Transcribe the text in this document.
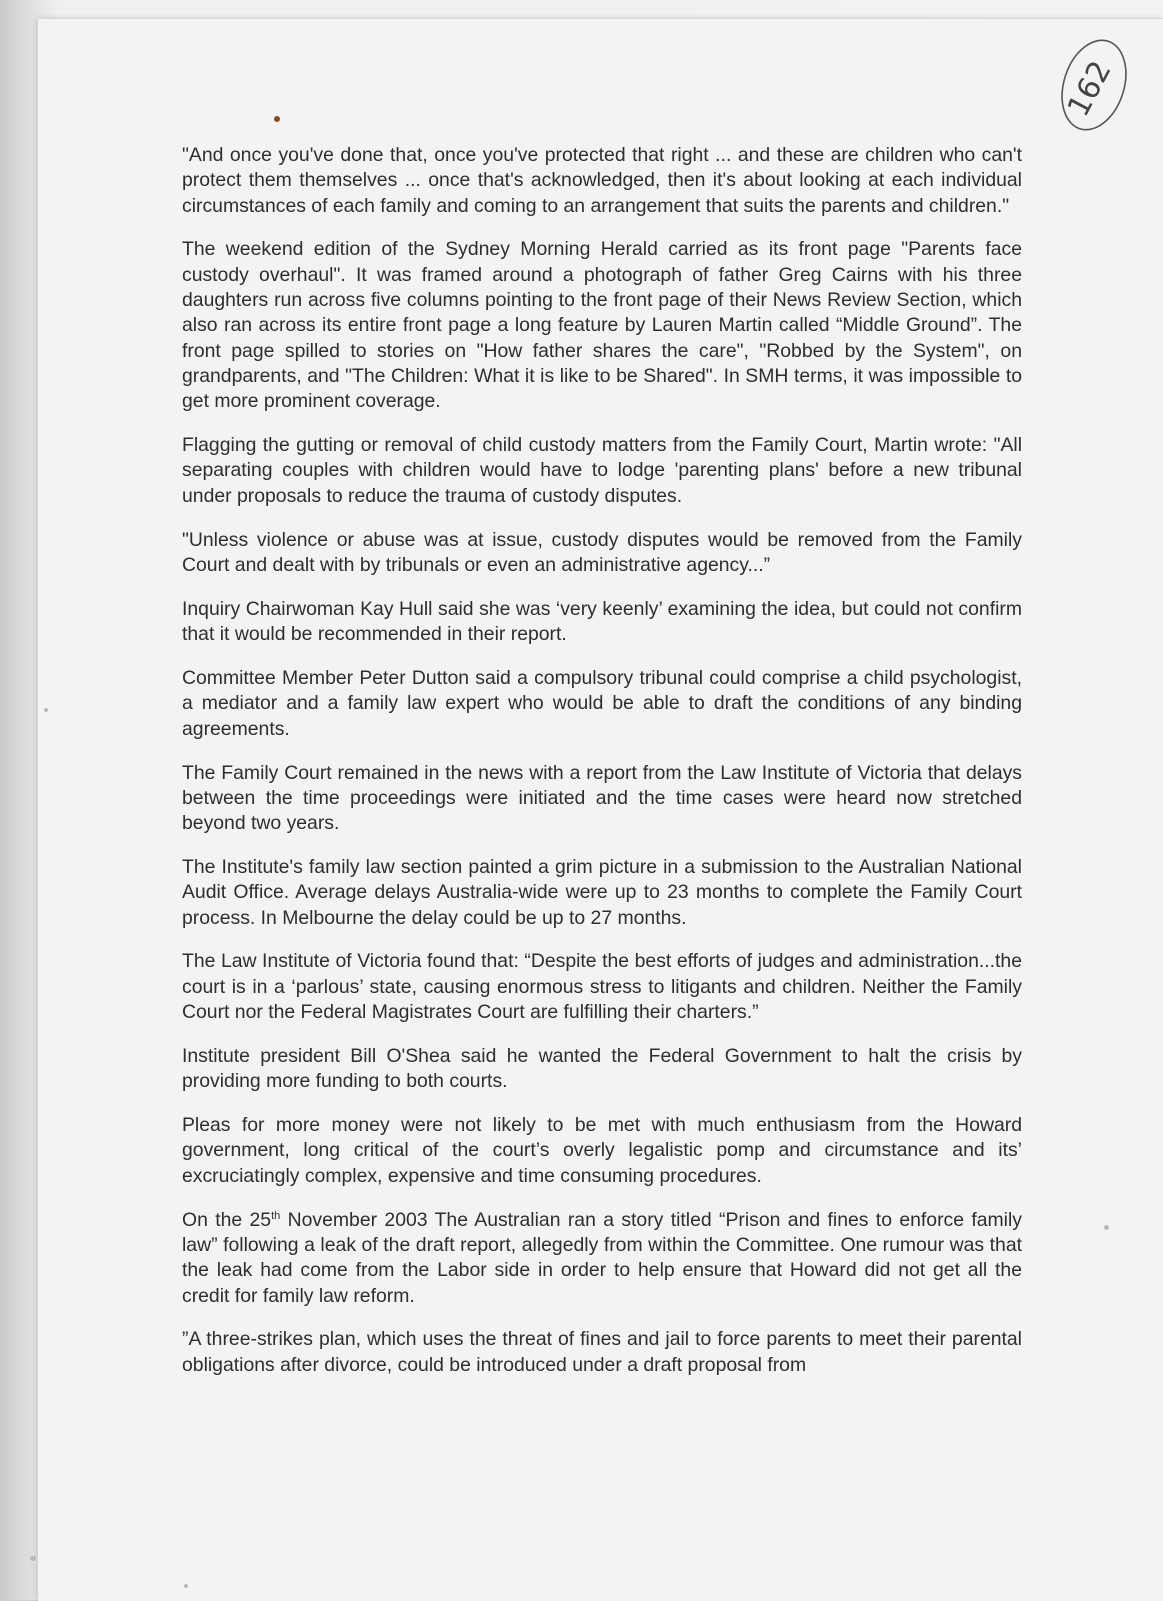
162

"And once you've done that, once you've protected that right ... and these are children who can't protect them themselves ... once that's acknowledged, then it's about looking at each individual circumstances of each family and coming to an arrangement that suits the parents and children."

The weekend edition of the Sydney Morning Herald carried as its front page "Parents face custody overhaul". It was framed around a photograph of father Greg Cairns with his three daughters run across five columns pointing to the front page of their News Review Section, which also ran across its entire front page a long feature by Lauren Martin called “Middle Ground”. The front page spilled to stories on "How father shares the care", "Robbed by the System", on grandparents, and "The Children: What it is like to be Shared". In SMH terms, it was impossible to get more prominent coverage.

Flagging the gutting or removal of child custody matters from the Family Court, Martin wrote: "All separating couples with children would have to lodge 'parenting plans' before a new tribunal under proposals to reduce the trauma of custody disputes.

"Unless violence or abuse was at issue, custody disputes would be removed from the Family Court and dealt with by tribunals or even an administrative agency...”

Inquiry Chairwoman Kay Hull said she was ‘very keenly’ examining the idea, but could not confirm that it would be recommended in their report.

Committee Member Peter Dutton said a compulsory tribunal could comprise a child psychologist, a mediator and a family law expert who would be able to draft the conditions of any binding agreements.

The Family Court remained in the news with a report from the Law Institute of Victoria that delays between the time proceedings were initiated and the time cases were heard now stretched beyond two years.

The Institute's family law section painted a grim picture in a submission to the Australian National Audit Office. Average delays Australia-wide were up to 23 months to complete the Family Court process. In Melbourne the delay could be up to 27 months.

The Law Institute of Victoria found that: “Despite the best efforts of judges and administration...the court is in a ‘parlous’ state, causing enormous stress to litigants and children. Neither the Family Court nor the Federal Magistrates Court are fulfilling their charters.”

Institute president Bill O'Shea said he wanted the Federal Government to halt the crisis by providing more funding to both courts.

Pleas for more money were not likely to be met with much enthusiasm from the Howard government, long critical of the court’s overly legalistic pomp and circumstance and its’ excruciatingly complex, expensive and time consuming procedures.

On the 25th November 2003 The Australian ran a story titled “Prison and fines to enforce family law” following a leak of the draft report, allegedly from within the Committee. One rumour was that the leak had come from the Labor side in order to help ensure that Howard did not get all the credit for family law reform.

”A three-strikes plan, which uses the threat of fines and jail to force parents to meet their parental obligations after divorce, could be introduced under a draft proposal from
